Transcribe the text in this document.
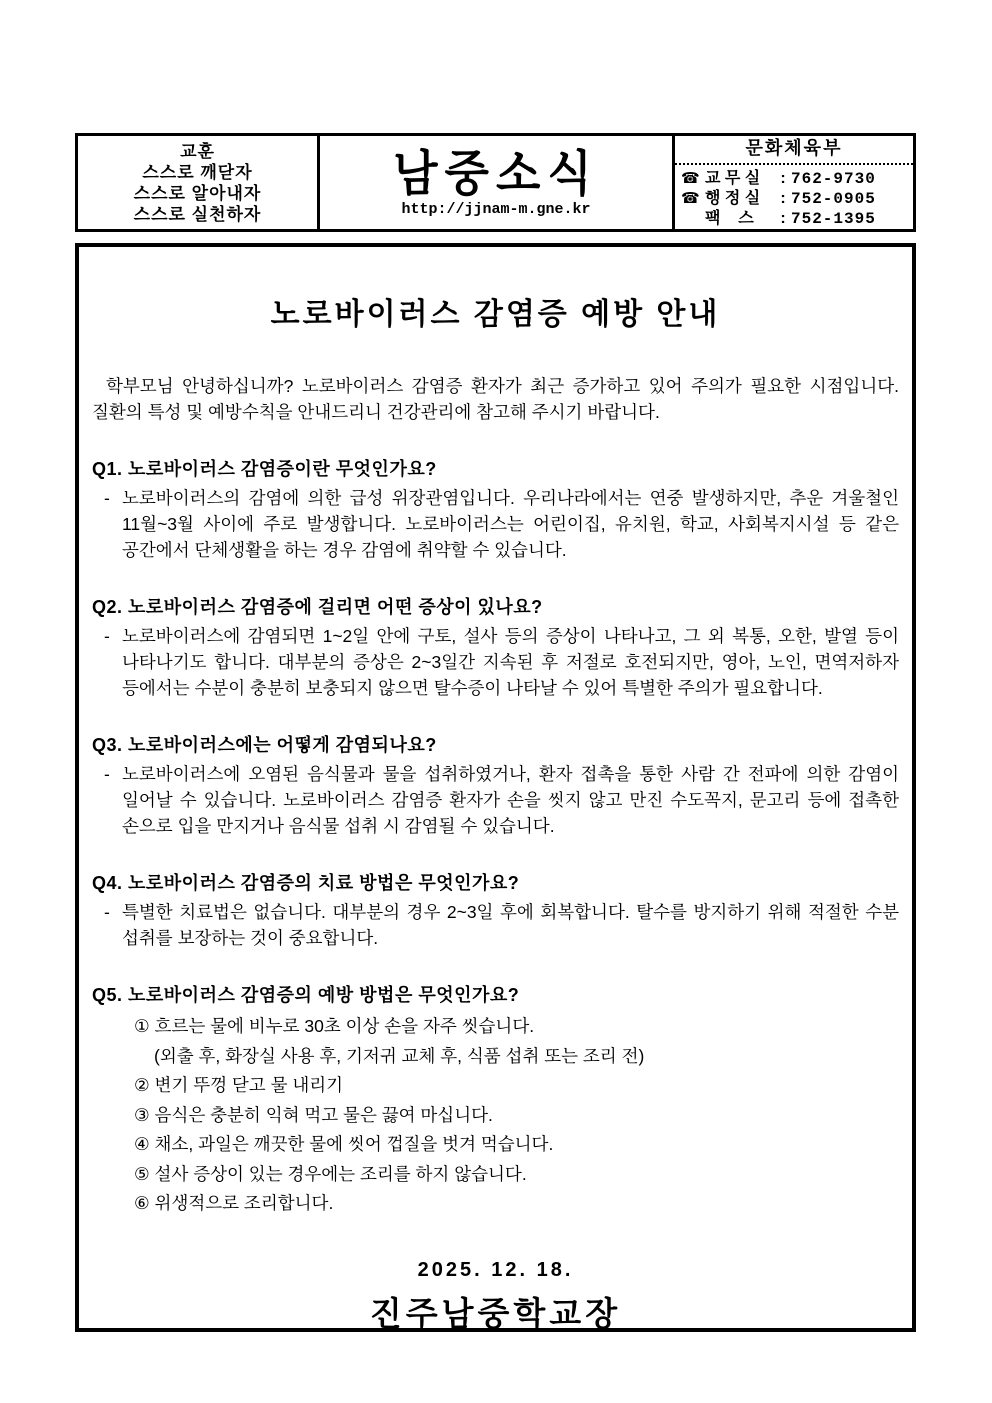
교훈
스스로 깨닫자
스스로 알아내자
스스로 실천하자
남중소식
http://jjnam-m.gne.kr
문화체육부
☎ 교 무 실	: 762-9730
☎ 행 정 실	: 752-0905
팩    스	: 752-1395
노로바이러스 감염증 예방 안내
학부모님 안녕하십니까? 노로바이러스 감염증 환자가 최근 증가하고 있어 주의가 필요한 시점입니다. 질환의 특성 및 예방수칙을 안내드리니 건강관리에 참고해 주시기 바랍니다.
Q1. 노로바이러스 감염증이란 무엇인가요?
- 노로바이러스의 감염에 의한 급성 위장관염입니다. 우리나라에서는 연중 발생하지만, 추운 겨울철인 11월~3월 사이에 주로 발생합니다. 노로바이러스는 어린이집, 유치원, 학교, 사회복지시설 등 같은 공간에서 단체생활을 하는 경우 감염에 취약할 수 있습니다.
Q2. 노로바이러스 감염증에 걸리면 어떤 증상이 있나요?
- 노로바이러스에 감염되면 1~2일 안에 구토, 설사 등의 증상이 나타나고, 그 외 복통, 오한, 발열 등이 나타나기도 합니다. 대부분의 증상은 2~3일간 지속된 후 저절로 호전되지만, 영아, 노인, 면역저하자 등에서는 수분이 충분히 보충되지 않으면 탈수증이 나타날 수 있어 특별한 주의가 필요합니다.
Q3. 노로바이러스에는 어떻게 감염되나요?
- 노로바이러스에 오염된 음식물과 물을 섭취하였거나, 환자 접촉을 통한 사람 간 전파에 의한 감염이 일어날 수 있습니다. 노로바이러스 감염증 환자가 손을 씻지 않고 만진 수도꼭지, 문고리 등에 접촉한 손으로 입을 만지거나 음식물 섭취 시 감염될 수 있습니다.
Q4. 노로바이러스 감염증의 치료 방법은 무엇인가요?
- 특별한 치료법은 없습니다. 대부분의 경우 2~3일 후에 회복합니다. 탈수를 방지하기 위해 적절한 수분 섭취를 보장하는 것이 중요합니다.
Q5. 노로바이러스 감염증의 예방 방법은 무엇인가요?
① 흐르는 물에 비누로 30초 이상 손을 자주 씻습니다.
(외출 후, 화장실 사용 후, 기저귀 교체 후, 식품 섭취 또는 조리 전)
② 변기 뚜껑 닫고 물 내리기
③ 음식은 충분히 익혀 먹고 물은 끓여 마십니다.
④ 채소, 과일은 깨끗한 물에 씻어 껍질을 벗겨 먹습니다.
⑤ 설사 증상이 있는 경우에는 조리를 하지 않습니다.
⑥ 위생적으로 조리합니다.
2025. 12. 18.
진주남중학교장
